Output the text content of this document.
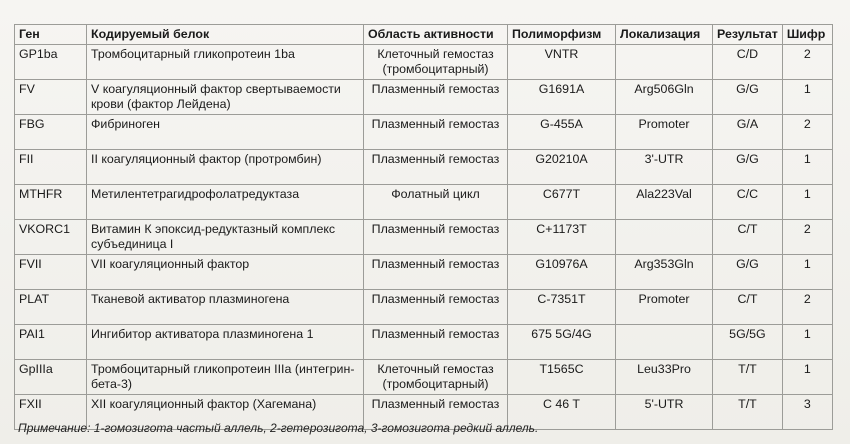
Ген	Кодируемый белок	Область активности	Полиморфизм	Локализация	Результат	Шифр
GP1ba	Тромбоцитарный гликопротеин 1ba	Клеточный гемостаз (тромбоцитарный)	VNTR		C/D	2
FV	V коагуляционный фактор свертываемости крови (фактор Лейдена)	Плазменный гемостаз	G1691A	Arg506Gln	G/G	1
FBG	Фибриноген	Плазменный гемостаз	G-455A	Promoter	G/A	2
FII	II коагуляционный фактор (протромбин)	Плазменный гемостаз	G20210A	3'-UTR	G/G	1
MTHFR	Метилентетрагидрофолатредуктаза	Фолатный цикл	C677T	Ala223Val	C/C	1
VKORC1	Витамин К эпоксид-редуктазный комплекс субъединица I	Плазменный гемостаз	C+1173T		C/T	2
FVII	VII коагуляционный фактор	Плазменный гемостаз	G10976A	Arg353Gln	G/G	1
PLAT	Тканевой активатор плазминогена	Плазменный гемостаз	C-7351T	Promoter	C/T	2
PAI1	Ингибитор активатора плазминогена 1	Плазменный гемостаз	675 5G/4G		5G/5G	1
GpIIIa	Тромбоцитарный гликопротеин IIIa (интегрин-бета-3)	Клеточный гемостаз (тромбоцитарный)	T1565C	Leu33Pro	T/T	1
FXII	XII коагуляционный фактор (Хагемана)	Плазменный гемостаз	C 46 T	5'-UTR	T/T	3
Примечание: 1-гомозигота частый аллель, 2-гетерозигота, 3-гомозигота редкий аллель.
